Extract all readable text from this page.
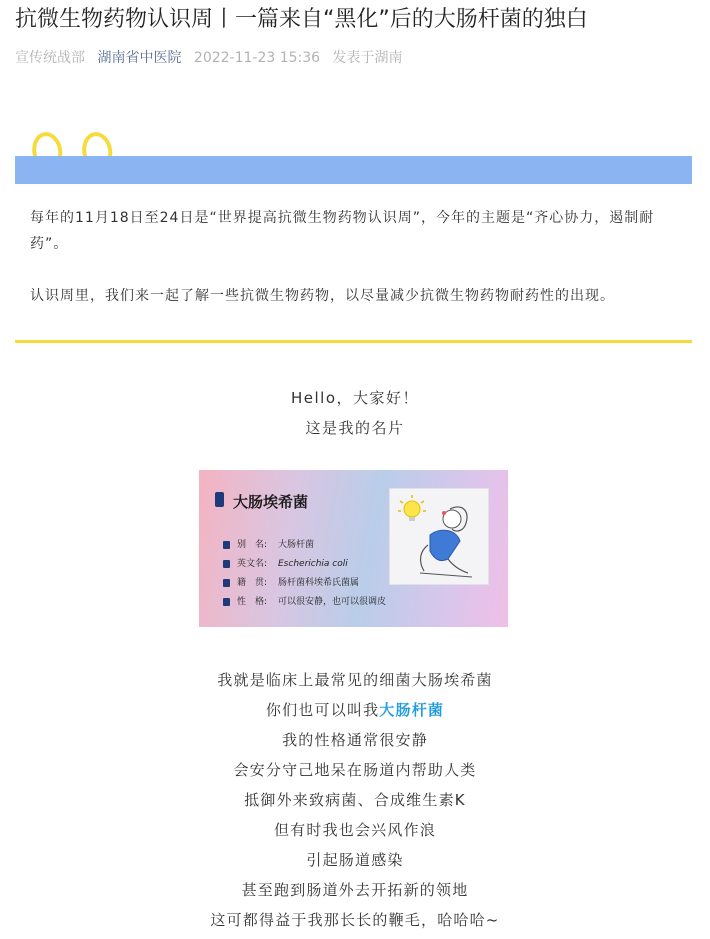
抗微生物药物认识周丨一篇来自“黑化”后的大肠杆菌的独白
宣传统战部 湖南省中医院 2022-11-23 15:36 发表于湖南

每年的11月18日至24日是“世界提高抗微生物药物认识周”，今年的主题是“齐心协力，遏制耐药”。

认识周里，我们来一起了解一些抗微生物药物，以尽量减少抗微生物药物耐药性的出现。

Hello，大家好！

这是我的名片

大肠埃希菌
别　名: 大肠杆菌
英文名: Escherichia coli
籍　贯: 肠杆菌科埃希氏菌属
性　格: 可以很安静，也可以很调皮

我就是临床上最常见的细菌大肠埃希菌

你们也可以叫我大肠杆菌

我的性格通常很安静

会安分守己地呆在肠道内帮助人类

抵御外来致病菌、合成维生素K

但有时我也会兴风作浪

引起肠道感染

甚至跑到肠道外去开拓新的领地

这可都得益于我那长长的鞭毛，哈哈哈~
